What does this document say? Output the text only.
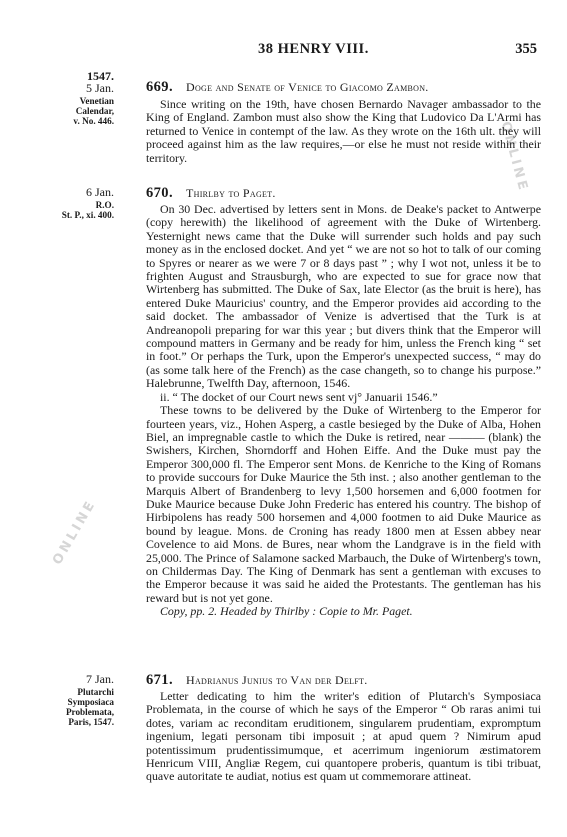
ONLINE
ONLINE
38 HENRY VIII.	355
1547.
5 Jan.
Venetian
Calendar,
v. No. 446.
669. Doge and Senate of Venice to Giacomo Zambon.

Since writing on the 19th, have chosen Bernardo Navager ambassador to the King of England. Zambon must also show the King that Ludovico Da L'Armi has returned to Venice in contempt of the law. As they wrote on the 16th ult. they will proceed against him as the law requires,—or else he must not reside within their territory.

6 Jan.
R.O.
St. P., xi. 400.
670. Thirlby to Paget.

On 30 Dec. advertised by letters sent in Mons. de Deake's packet to Antwerpe (copy herewith) the likelihood of agreement with the Duke of Wirtenberg. Yesternight news came that the Duke will surrender such holds and pay such money as in the enclosed docket. And yet “ we are not so hot to talk of our coming to Spyres or nearer as we were 7 or 8 days past ” ; why I wot not, unless it be to frighten August and Strausburgh, who are expected to sue for grace now that Wirtenberg has submitted. The Duke of Sax, late Elector (as the bruit is here), has entered Duke Mauricius' country, and the Emperor provides aid according to the said docket. The ambassador of Venize is advertised that the Turk is at Andreanopoli preparing for war this year ; but divers think that the Emperor will compound matters in Germany and be ready for him, unless the French king “ set in foot.” Or perhaps the Turk, upon the Emperor's unexpected success, “ may do (as some talk here of the French) as the case changeth, so to change his purpose.” Halebrunne, Twelfth Day, afternoon, 1546.

ii. “ The docket of our Court news sent vj° Januarii 1546.”

These towns to be delivered by the Duke of Wirtenberg to the Emperor for fourteen years, viz., Hohen Asperg, a castle besieged by the Duke of Alba, Hohen Biel, an impregnable castle to which the Duke is retired, near ——— (blank) the Swishers, Kirchen, Shorndorff and Hohen Eiffe. And the Duke must pay the Emperor 300,000 fl. The Emperor sent Mons. de Kenriche to the King of Romans to provide succours for Duke Maurice the 5th inst. ; also another gentleman to the Marquis Albert of Brandenberg to levy 1,500 horsemen and 6,000 footmen for Duke Maurice because Duke John Frederic has entered his country. The bishop of Hirbipolens has ready 500 horsemen and 4,000 footmen to aid Duke Maurice as bound by league. Mons. de Croning has ready 1800 men at Essen abbey near Covelence to aid Mons. de Bures, near whom the Landgrave is in the field with 25,000. The Prince of Salamone sacked Marbauch, the Duke of Wirtenberg's town, on Childermas Day. The King of Denmark has sent a gentleman with excuses to the Emperor because it was said he aided the Protestants. The gentleman has his reward but is not yet gone.

Copy, pp. 2. Headed by Thirlby : Copie to Mr. Paget.

7 Jan.
Plutarchi
Symposiaca
Problemata,
Paris, 1547.
671. Hadrianus Junius to Van der Delft.

Letter dedicating to him the writer's edition of Plutarch's Symposiaca Problemata, in the course of which he says of the Emperor “ Ob raras animi tui dotes, variam ac reconditam eruditionem, singularem prudentiam, expromptum ingenium, legati personam tibi imposuit ; at apud quem ? Nimirum apud potentissimum prudentissimumque, et acerrimum ingeniorum æstimatorem Henricum VIII, Angliæ Regem, cui quantopere proberis, quantum is tibi tribuat, quave autoritate te audiat, notius est quam ut commemorare attineat.
